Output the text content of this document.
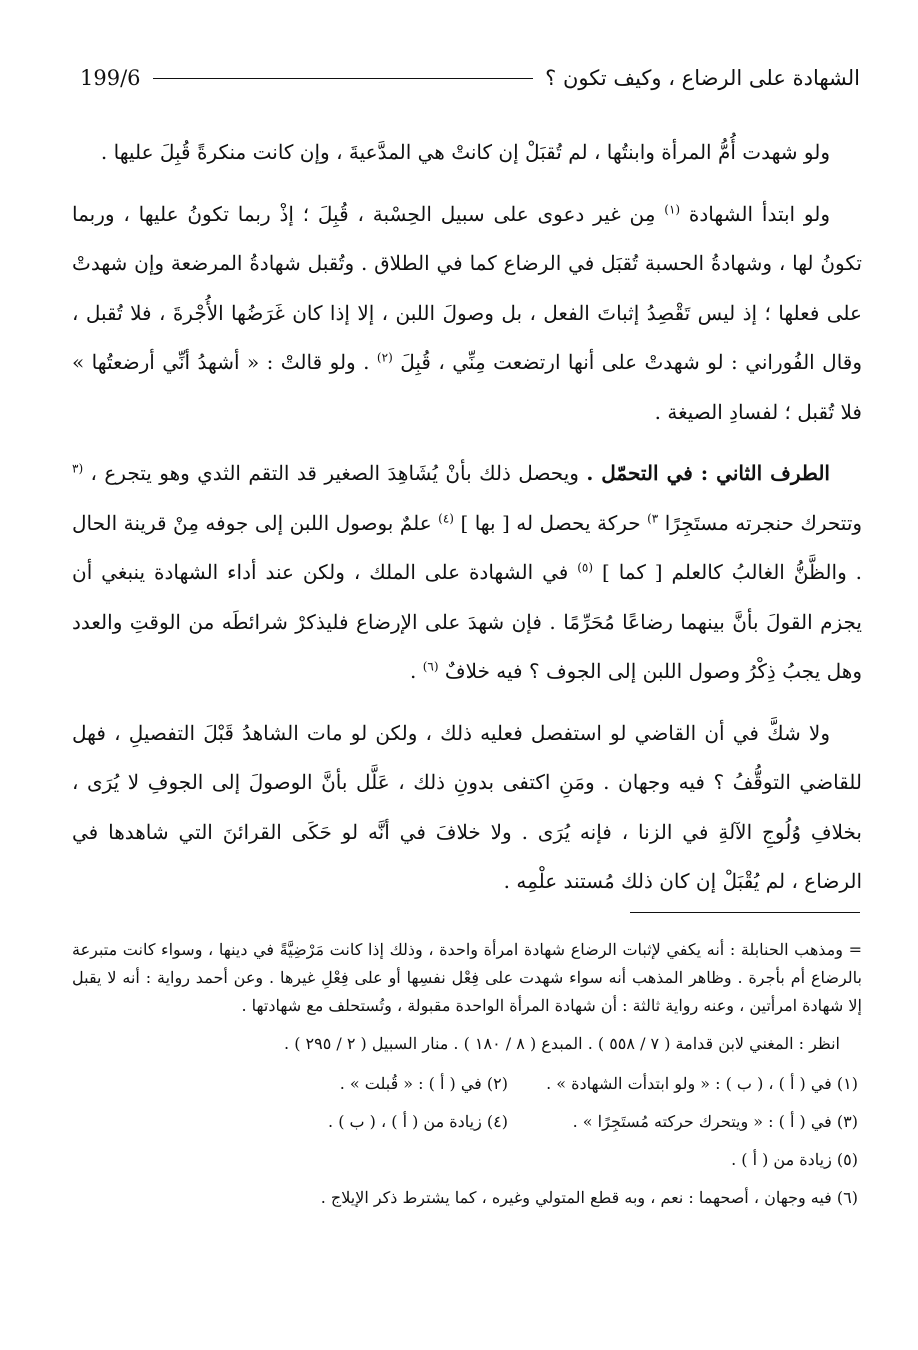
الشهادة على الرضاع ، وكيف تكون ؟
199/6

ولو شهدت أُمُّ المرأة وابنتُها ، لم تُقبَلْ إن كانتْ هي المدَّعيةَ ، وإن كانت منكرةً قُبِلَ عليها .

ولو ابتدأ الشهادة $^{(١)}$ مِن غير دعوى على سبيل الحِسْبة ، قُبِلَ ؛ إذْ ربما تكونُ عليها ، وربما تكونُ لها ، وشهادةُ الحسبة تُقبَل في الرضاع كما في الطلاق . وتُقبل شهادةُ المرضعة وإن شهدتْ على فعلها ؛ إذ ليس تَقْصِدُ إثباتَ الفعل ، بل وصولَ اللبن ، إلا إذا كان غَرَضُها الأُجْرةَ ، فلا تُقبل ، وقال الفُوراني : لو شهدتْ على أنها ارتضعت مِنِّي ، قُبِلَ $^{(٢)}$ . ولو قالتْ : « أشهدُ أنِّي أرضعتُها » فلا تُقبل ؛ لفسادِ الصيغة .

الطرف الثاني : في التحمّل . ويحصل ذلك بأنْ يُشَاهِدَ الصغير قد التقم الثدي وهو يتجرع ، $^{(٣}$ وتتحرك حنجرته مستَجِرًا $^{٣)}$ حركة يحصل له [ بها ] $^{(٤)}$ علمٌ بوصول اللبن إلى جوفه مِنْ قرينة الحال . والظَّنُّ الغالبُ كالعلم [ كما ] $^{(٥)}$ في الشهادة على الملك ، ولكن عند أداء الشهادة ينبغي أن يجزم القولَ بأنَّ بينهما رضاعًا مُحَرِّمًا . فإن شهدَ على الإرضاع فليذكرْ شرائطَه من الوقتِ والعدد وهل يجبُ ذِكْرُ وصول اللبن إلى الجوف ؟ فيه خلافٌ $^{(٦)}$ .

ولا شكَّ في أن القاضي لو استفصل فعليه ذلك ، ولكن لو مات الشاهدُ قَبْلَ التفصيلِ ، فهل للقاضي التوقُّفُ ؟ فيه وجهان . ومَنِ اكتفى بدونِ ذلك ، عَلَّل بأنَّ الوصولَ إلى الجوفِ لا يُرَى ، بخلافِ وُلُوجِ الآلةِ في الزنا ، فإنه يُرَى . ولا خلافَ في أنَّه لو حَكَى القرائنَ التي شاهدها في الرضاع ، لم يُقْبَلْ إن كان ذلك مُستند علْمِه .

= ومذهب الحنابلة : أنه يكفي لإثبات الرضاع شهادة امرأة واحدة ، وذلك إذا كانت مَرْضِيَّةً في دينها ، وسواء كانت متبرعة بالرضاع أم بأجرة . وظاهر المذهب أنه سواء شهدت على فِعْل نفسِها أو على فِعْلِ غيرها . وعن أحمد رواية : أنه لا يقبل إلا شهادة امرأتين ، وعنه رواية ثالثة : أن شهادة المرأة الواحدة مقبولة ، وتُستحلف مع شهادتها .

انظر : المغني لابن قدامة ( ٧ / ٥٥٨ ) . المبدع ( ٨ / ١٨٠ ) . منار السبيل ( ٢ / ٢٩٥ ) .

(١) في ( أ ) ، ( ب ) : « ولو ابتدأت الشهادة » .
(٢) في ( أ ) : « قُبلت » .
(٣) في ( أ ) : « ويتحرك حركته مُستَجِرًا » .
(٤) زيادة من ( أ ) ، ( ب ) .

(٥) زيادة من ( أ ) .

(٦) فيه وجهان ، أصحهما : نعم ، وبه قطع المتولي وغيره ، كما يشترط ذكر الإيلاج .
